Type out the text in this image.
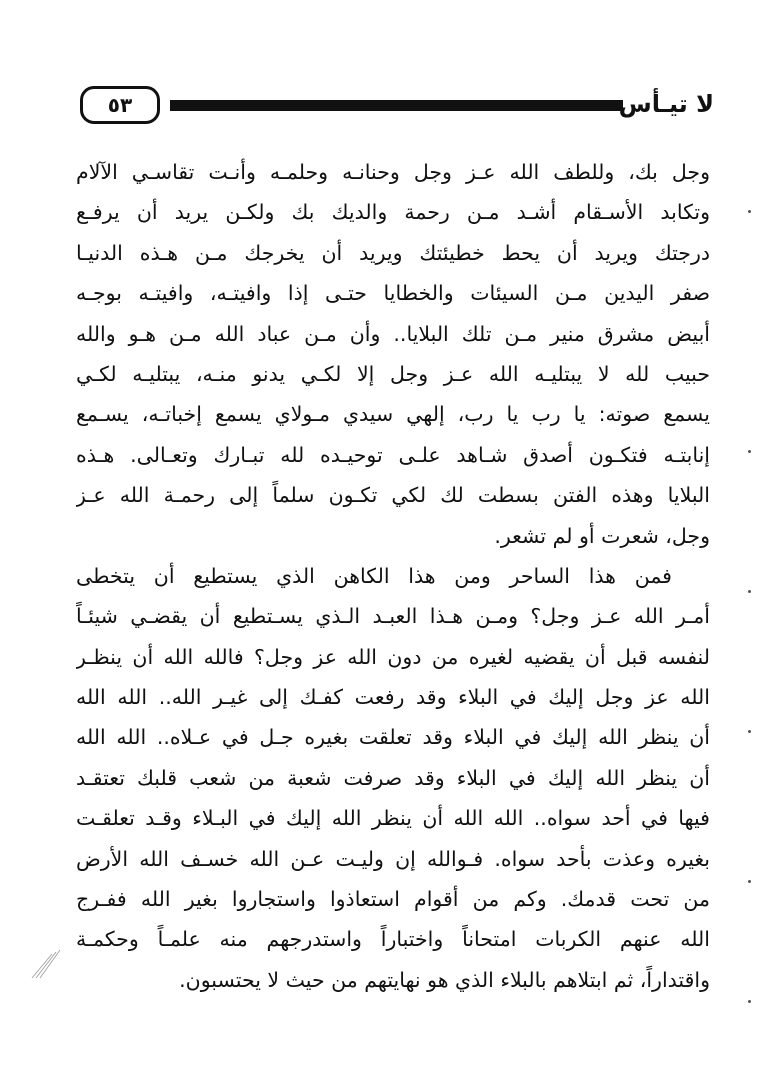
٥٣	لا تيـأس
وجل بك، وللطف الله عـز وجل وحنانـه وحلمـه وأنـت تقاسـي الآلام
وتكابد الأسـقام أشـد مـن رحمة والديك بك ولكـن يريد أن يرفـع
درجتك ويريد أن يحط خطيئتك ويريد أن يخرجك مـن هـذه الدنيـا
صفر اليدين مـن السيئات والخطايا حتـى إذا وافيتـه، وافيتـه بوجـه
أبيض مشرق منير مـن تلك البلايا.. وأن مـن عباد الله مـن هـو والله
حبيب لله لا يبتليـه الله عـز وجل إلا لكـي يدنو منـه، يبتليـه لكـي
يسمع صوته: يا رب يا رب، إلهي سيدي مـولاي يسمع إخباتـه، يسـمع
إنابتـه فتكـون أصدق شـاهد علـى توحيـده لله تبـارك وتعـالى. هـذه
البلايا وهذه الفتن بسطت لك لكي تكـون سلماً إلى رحمـة الله عـز
وجل، شعرت أو لم تشعر.
فمن هذا الساحر ومن هذا الكاهن الذي يستطيع أن يتخطى
أمـر الله عـز وجل؟ ومـن هـذا العبـد الـذي يسـتطيع أن يقضـي شيئـاً
لنفسه قبل أن يقضيه لغيره من دون الله عز وجل؟ فالله الله أن ينظـر
الله عز وجل إليك في البلاء وقد رفعت كفـك إلى غيـر الله.. الله الله
أن ينظر الله إليك في البلاء وقد تعلقت بغيره جـل في عـلاه.. الله الله
أن ينظر الله إليك في البلاء وقد صرفت شعبة من شعب قلبك تعتقـد
فيها في أحد سواه.. الله الله أن ينظر الله إليك في البـلاء وقـد تعلقـت
بغيره وعذت بأحد سواه. فـوالله إن وليـت عـن الله خسـف الله الأرض
من تحت قدمك. وكم من أقوام استعاذوا واستجاروا بغير الله ففـرج
الله عنهم الكربات امتحاناً واختباراً واستدرجهم منه علمـاً وحكمـة
واقتداراً، ثم ابتلاهم بالبلاء الذي هو نهايتهم من حيث لا يحتسبون.
